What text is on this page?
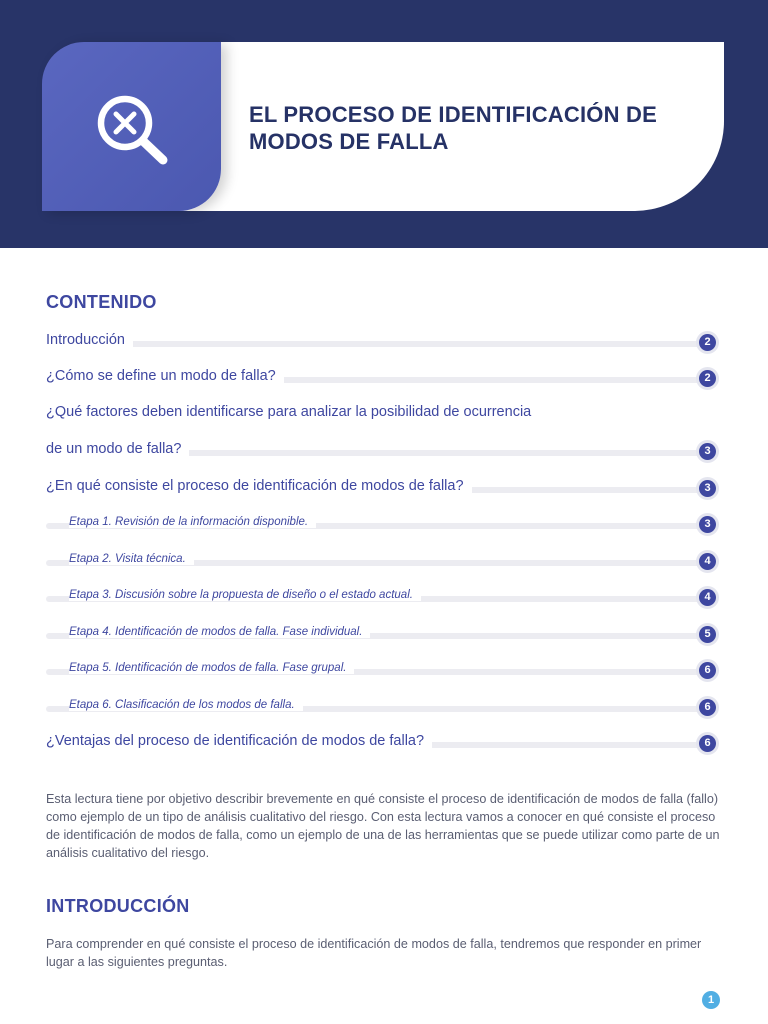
EL PROCESO DE IDENTIFICACIÓN DE MODOS DE FALLA
CONTENIDO
Introducción	2
¿Cómo se define un modo de falla?	2
¿Qué factores deben identificarse para analizar la posibilidad de ocurrencia
de un modo de falla?	3
¿En qué consiste el proceso de identificación de modos de falla?	3
Etapa 1. Revisión de la información disponible.	3
Etapa 2. Visita técnica.	4
Etapa 3. Discusión sobre la propuesta de diseño o el estado actual.	4
Etapa 4. Identificación de modos de falla. Fase individual.	5
Etapa 5. Identificación de modos de falla. Fase grupal.	6
Etapa 6. Clasificación de los modos de falla.	6
¿Ventajas del proceso de identificación de modos de falla?	6
Esta lectura tiene por objetivo describir brevemente en qué consiste el proceso de identificación de modos de falla (fallo) como ejemplo de un tipo de análisis cualitativo del riesgo. Con esta lectura vamos a conocer en qué consiste el proceso de identificación de modos de falla, como un ejemplo de una de las herramientas que se puede utilizar como parte de un análisis cualitativo del riesgo.
INTRODUCCIÓN
Para comprender en qué consiste el proceso de identificación de modos de falla, tendremos que responder en primer lugar a las siguientes preguntas.
1
